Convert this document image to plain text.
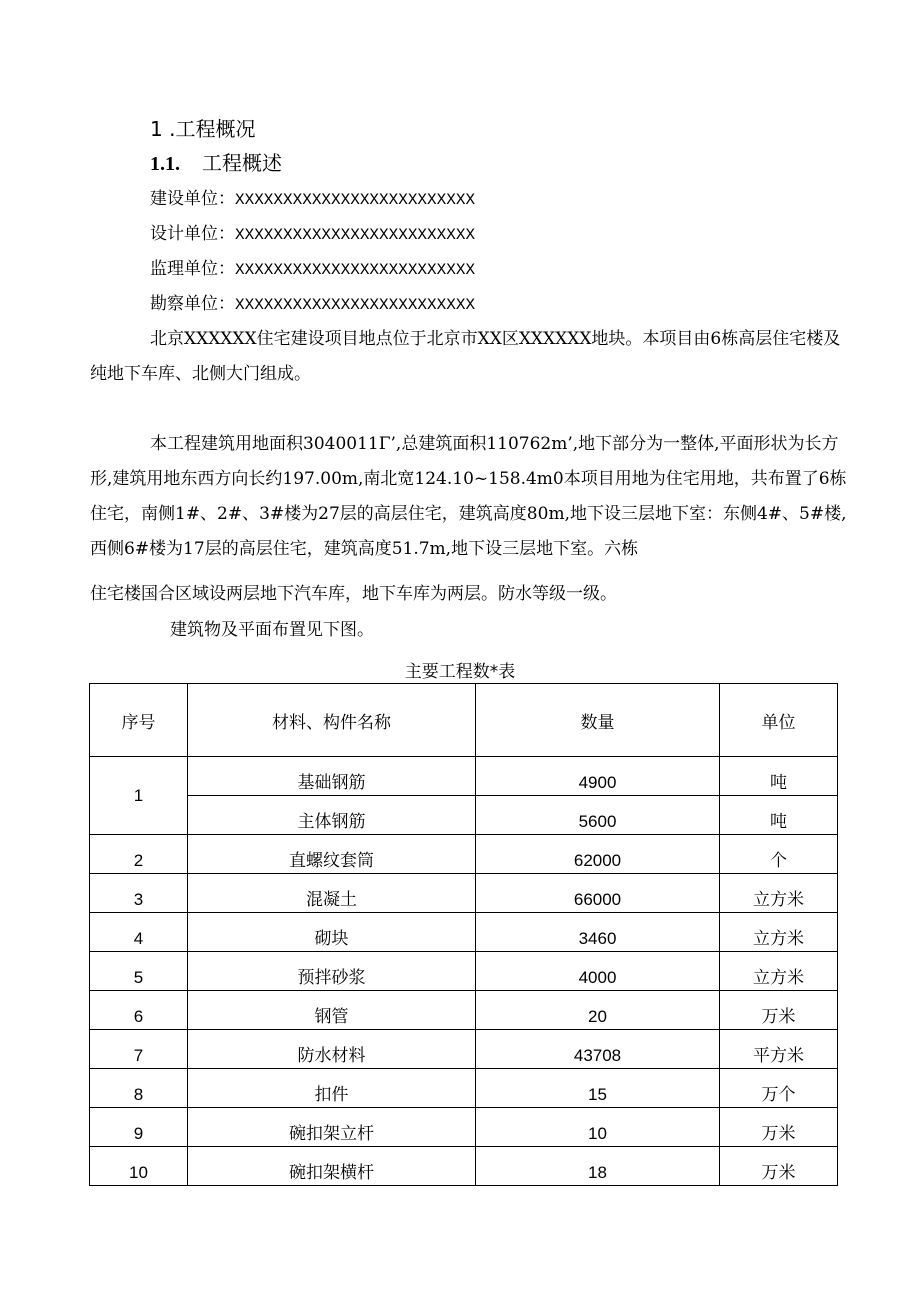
1 .工程概况
1.1. 工程概述
建设单位：XXXXXXXXXXXXXXXXXXXXXXXXX
设计单位：XXXXXXXXXXXXXXXXXXXXXXXXX
监理单位：XXXXXXXXXXXXXXXXXXXXXXXXX
勘察单位：XXXXXXXXXXXXXXXXXXXXXXXXX

北京XXXXXX住宅建设项目地点位于北京市XX区XXXXXX地块。本项目由6栋高层住宅楼及纯地下车库、北侧大门组成。

本工程建筑用地面积3040011Γ’,总建筑面积110762m’,地下部分为一整体,平面形状为长方形,建筑用地东西方向长约197.00m,南北宽124.10~158.4m0本项目用地为住宅用地，共布置了6栋住宅，南侧1#、2#、3#楼为27层的高层住宅，建筑高度80m,地下设三层地下室：东侧4#、5#楼,西侧6#楼为17层的高层住宅，建筑高度51.7m,地下设三层地下室。六栋

住宅楼国合区域设两层地下汽车库，地下车库为两层。防水等级一级。
建筑物及平面布置见下图。
主要工程数*表
序号	材料、构件名称	数量	单位
1	基础钢筋	4900	吨
	主体钢筋	5600	吨
2	直螺纹套筒	62000	个
3	混凝土	66000	立方米
4	砌块	3460	立方米
5	预拌砂浆	4000	立方米
6	钢管	20	万米
7	防水材料	43708	平方米
8	扣件	15	万个
9	碗扣架立杆	10	万米
10	碗扣架横杆	18	万米
